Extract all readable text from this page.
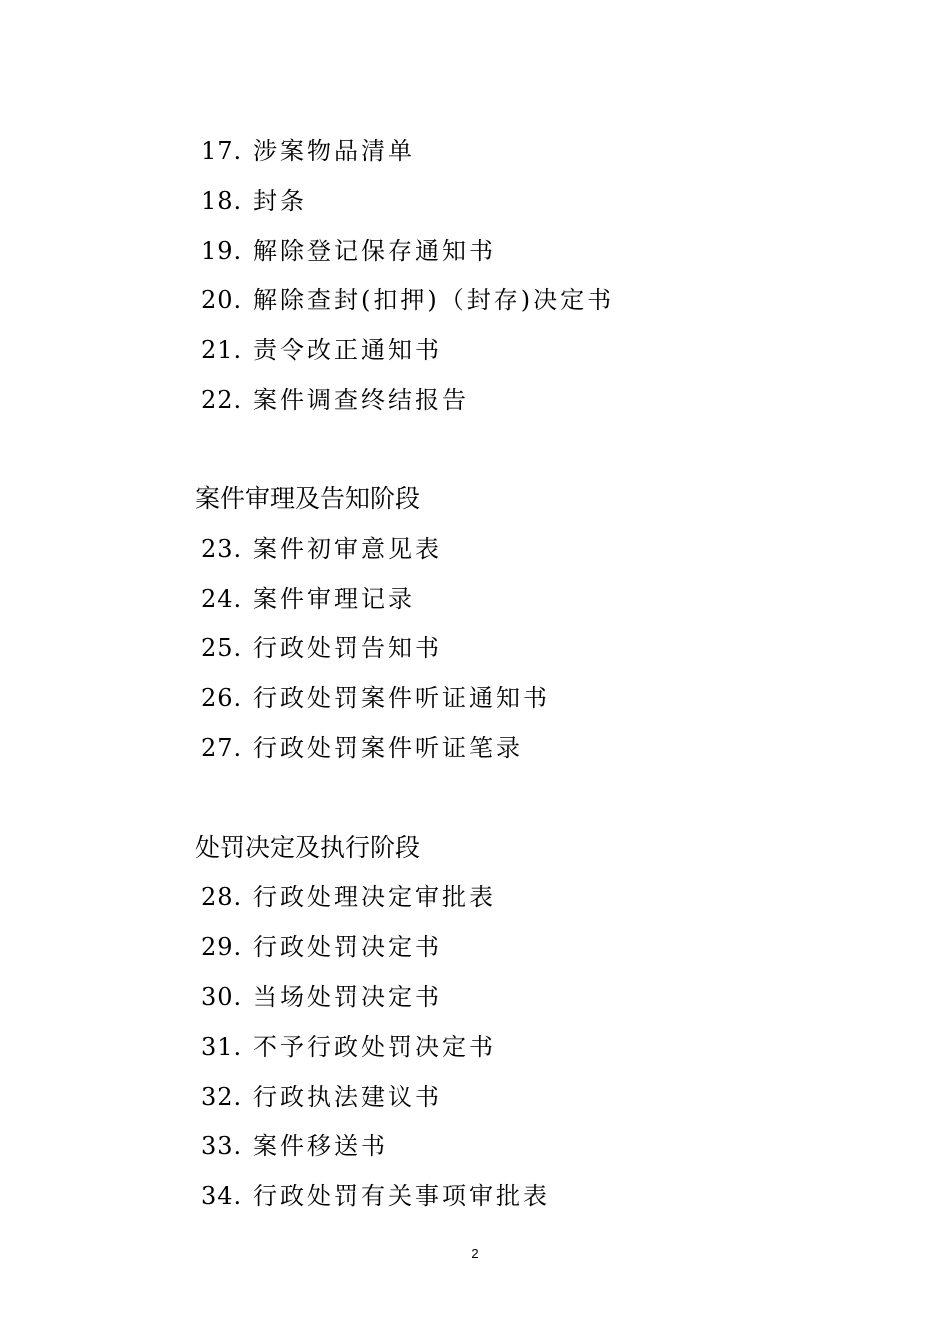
17. 涉案物品清单
18. 封条
19. 解除登记保存通知书
20. 解除查封(扣押)（封存)决定书
21. 责令改正通知书
22. 案件调查终结报告
案件审理及告知阶段
23. 案件初审意见表
24. 案件审理记录
25. 行政处罚告知书
26. 行政处罚案件听证通知书
27. 行政处罚案件听证笔录
处罚决定及执行阶段
28. 行政处理决定审批表
29. 行政处罚决定书
30. 当场处罚决定书
31. 不予行政处罚决定书
32. 行政执法建议书
33. 案件移送书
34. 行政处罚有关事项审批表
2
